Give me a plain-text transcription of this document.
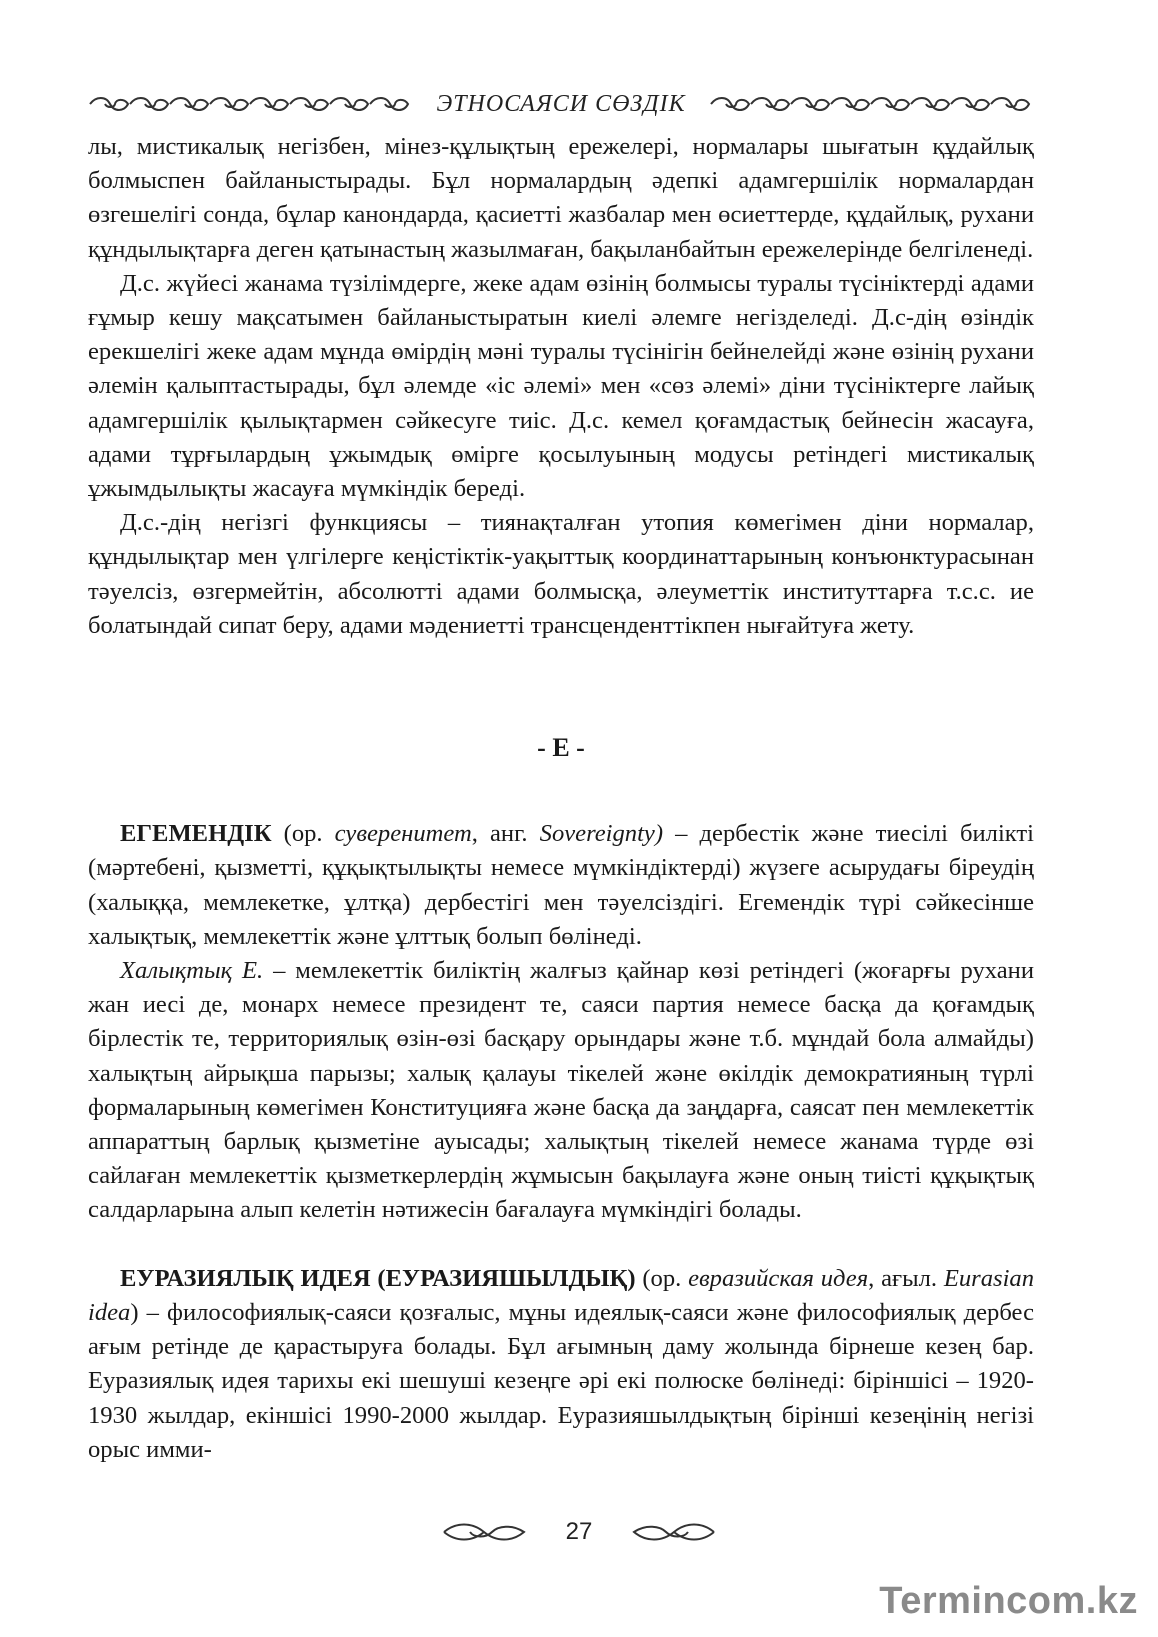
ЭТНОСАЯСИ СӨЗДІК

лы, мистикалық негізбен, мінез-құлықтың ережелері, нормалары шығатын құдайлық болмыспен байланыстырады. Бұл нормалардың әдепкі адамгершілік нормалардан өзгешелігі сонда, бұлар канондарда, қасиетті жазбалар мен өсиеттерде, құдайлық, рухани құндылықтарға деген қатынастың жазылмаған, бақыланбайтын ережелерінде белгіленеді.

Д.с. жүйесі жанама түзілімдерге, жеке адам өзінің болмысы туралы түсініктерді адами ғұмыр кешу мақсатымен байланыстыратын киелі әлемге негізделеді. Д.с-дің өзіндік ерекшелігі жеке адам мұнда өмірдің мәні туралы түсінігін бейнелейді және өзінің рухани әлемін қалыптастырады, бұл әлемде «іс әлемі» мен «сөз әлемі» діни түсініктерге лайық адамгершілік қылықтармен сәйкесуге тиіс. Д.с. кемел қоғамдастық бейнесін жасауға, адами тұрғылардың ұжымдық өмірге қосылуының модусы ретіндегі мистикалық ұжымдылықты жасауға мүмкіндік береді.

Д.с.-дің негізгі функциясы – тиянақталған утопия көмегімен діни нормалар, құндылықтар мен үлгілерге кеңістіктік-уақыттық координаттарының конъюнктурасынан тәуелсіз, өзгермейтін, абсолютті адами болмысқа, әлеуметтік институттарға т.с.с. ие болатындай сипат беру, адами мәдениетті трансценденттікпен нығайтуға жету.

- Е -

ЕГЕМЕНДІК (ор. суверенитет, анг. Sovereignty) – дербестік және тиесілі билікті (мәртебені, қызметті, құқықтылықты немесе мүмкіндіктерді) жүзеге асырудағы біреудің (халыққа, мемлекетке, ұлтқа) дербестігі мен тәуелсіздігі. Егемендік түрі сәйкесінше халықтық, мемлекеттік және ұлттық болып бөлінеді.

Халықтық Е. – мемлекеттік биліктің жалғыз қайнар көзі ретіндегі (жоғарғы рухани жан иесі де, монарх немесе президент те, саяси партия немесе басқа да қоғамдық бірлестік те, территориялық өзін-өзі басқару орындары және т.б. мұндай бола алмайды) халықтың айрықша парызы; халық қалауы тікелей және өкілдік демократияның түрлі формаларының көмегімен Конституцияға және басқа да заңдарға, саясат пен мемлекеттік аппараттың барлық қызметіне ауысады; халықтың тікелей немесе жанама түрде өзі сайлаған мемлекеттік қызметкерлердің жұмысын бақылауға және оның тиісті құқықтық салдарларына алып келетін нәтижесін бағалауға мүмкіндігі болады.

ЕУРАЗИЯЛЫҚ ИДЕЯ (ЕУРАЗИЯШЫЛДЫҚ) (ор. евразийская идея, ағыл. Eurasian idea) – философиялық-саяси қозғалыс, мұны идеялық-саяси және философиялық дербес ағым ретінде де қарастыруға болады. Бұл ағымның даму жолында бірнеше кезең бар. Еуразиялық идея тарихы екі шешуші кезеңге әрі екі полюске бөлінеді: біріншісі – 1920-1930 жылдар, екіншісі 1990-2000 жылдар. Еуразияшылдықтың бірінші кезеңінің негізі орыс имми-

27
Termincom.kz
